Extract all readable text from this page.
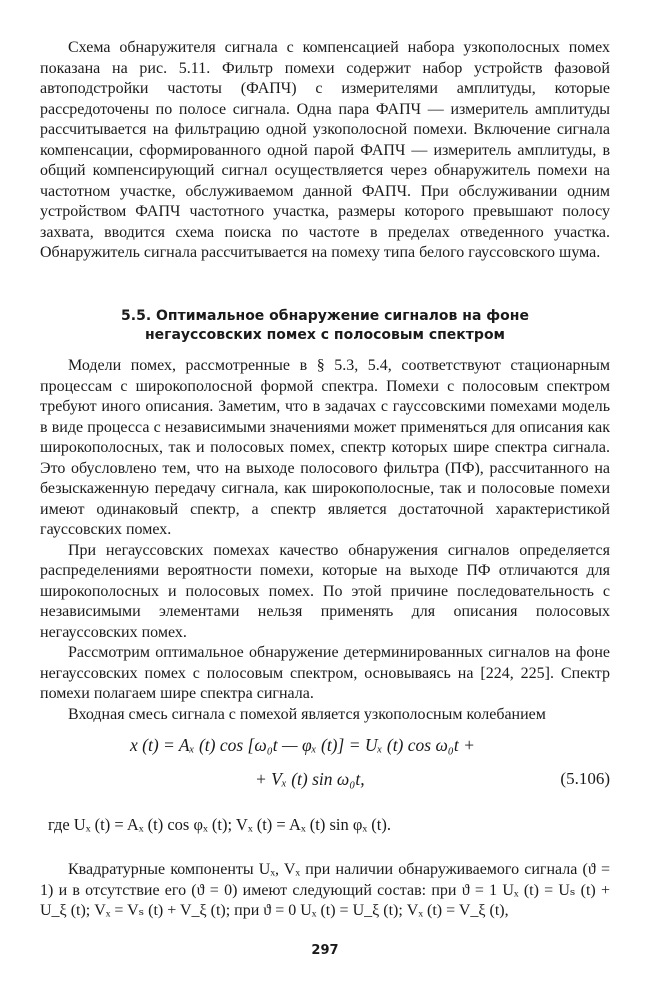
Схема обнаружителя сигнала с компенсацией набора узкополосных помех показана на рис. 5.11. Фильтр помехи содержит набор устройств фазовой автоподстройки частоты (ФАПЧ) с измерителями амплитуды, которые рассредоточены по полосе сигнала. Одна пара ФАПЧ — измеритель амплитуды рассчитывается на фильтрацию одной узкополосной помехи. Включение сигнала компенсации, сформированного одной парой ФАПЧ — измеритель амплитуды, в общий компенсирующий сигнал осуществляется через обнаружитель помехи на частотном участке, обслуживаемом данной ФАПЧ. При обслуживании одним устройством ФАПЧ частотного участка, размеры которого превышают полосу захвата, вводится схема поиска по частоте в пределах отведенного участка. Обнаружитель сигнала рассчитывается на помеху типа белого гауссовского шума.

5.5. Оптимальное обнаружение сигналов на фоне
негауссовских помех с полосовым спектром

Модели помех, рассмотренные в § 5.3, 5.4, соответствуют стационарным процессам с широкополосной формой спектра. Помехи с полосовым спектром требуют иного описания. Заметим, что в задачах с гауссовскими помехами модель в виде процесса с независимыми значениями может применяться для описания как широкополосных, так и полосовых помех, спектр которых шире спектра сигнала. Это обусловлено тем, что на выходе полосового фильтра (ПФ), рассчитанного на безыскаженную передачу сигнала, как широкополосные, так и полосовые помехи имеют одинаковый спектр, а спектр является достаточной характеристикой гауссовских помех.

При негауссовских помехах качество обнаружения сигналов определяется распределениями вероятности помехи, которые на выходе ПФ отличаются для широкополосных и полосовых помех. По этой причине последовательность с независимыми элементами нельзя применять для описания полосовых негауссовских помех.

Рассмотрим оптимальное обнаружение детерминированных сигналов на фоне негауссовских помех с полосовым спектром, основываясь на [224, 225]. Спектр помехи полагаем шире спектра сигнала.

Входная смесь сигнала с помехой является узкополосным колебанием

x (t) = Aₓ (t) cos [ω₀t — φₓ (t)] = Uₓ (t) cos ω₀t +
+ Vₓ (t) sin ω₀t,	(5.106)
где Uₓ (t) = Aₓ (t) cos φₓ (t); Vₓ (t) = Aₓ (t) sin φₓ (t).

Квадратурные компоненты Uₓ, Vₓ при наличии обнаруживаемого сигнала (ϑ = 1) и в отсутствие его (ϑ = 0) имеют следующий состав: при ϑ = 1 Uₓ (t) = Uₛ (t) + U_ξ (t); Vₓ = Vₛ (t) + V_ξ (t); при ϑ = 0 Uₓ (t) = U_ξ (t); Vₓ (t) = V_ξ (t),

297
